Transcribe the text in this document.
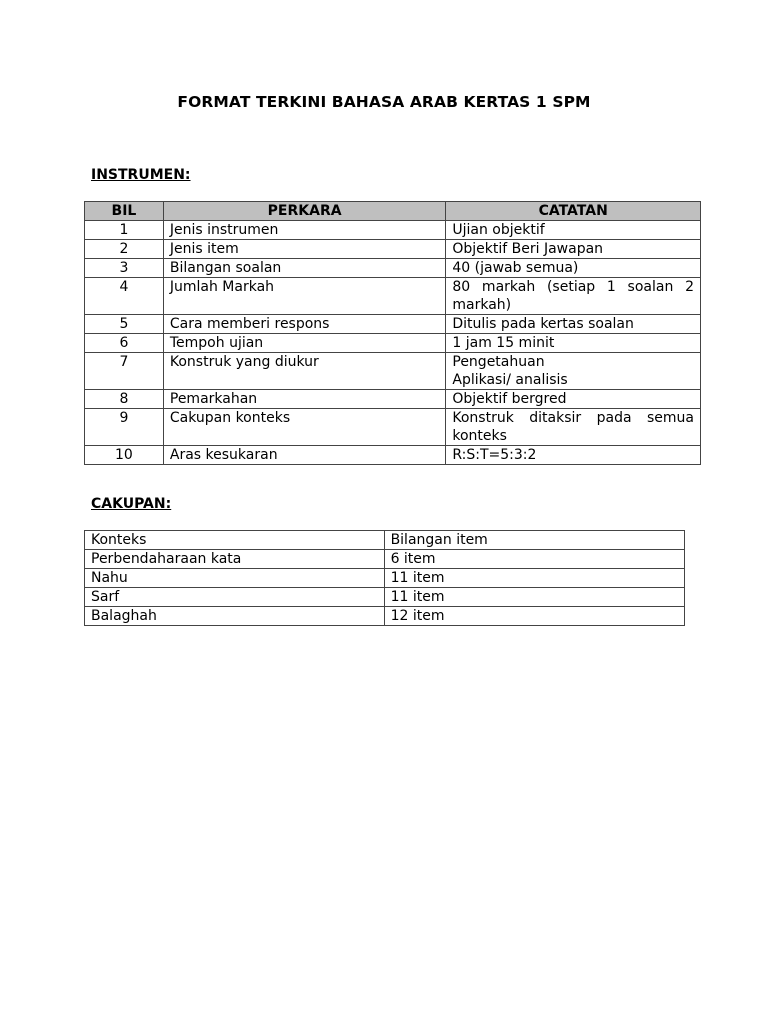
FORMAT TERKINI BAHASA ARAB KERTAS 1 SPM
INSTRUMEN:
BIL	PERKARA	CATATAN
1	Jenis instrumen	Ujian objektif

2	Jenis item	Objektif Beri Jawapan

3	Bilangan soalan	40 (jawab semua)

4	Jumlah Markah	80 markah (setiap 1 soalan 2 markah)

5	Cara memberi respons	Ditulis pada kertas soalan

6	Tempoh ujian	1 jam 15 minit

7	Konstruk yang diukur	Pengetahuan
Aplikasi/ analisis

8	Pemarkahan	Objektif bergred

9	Cakupan konteks	Konstruk ditaksir pada semua konteks

10	Aras kesukaran	R:S:T=5:3:2
CAKUPAN:
Konteks	Bilangan item
Perbendaharaan kata	6 item
Nahu	11 item
Sarf	11 item
Balaghah	12 item
